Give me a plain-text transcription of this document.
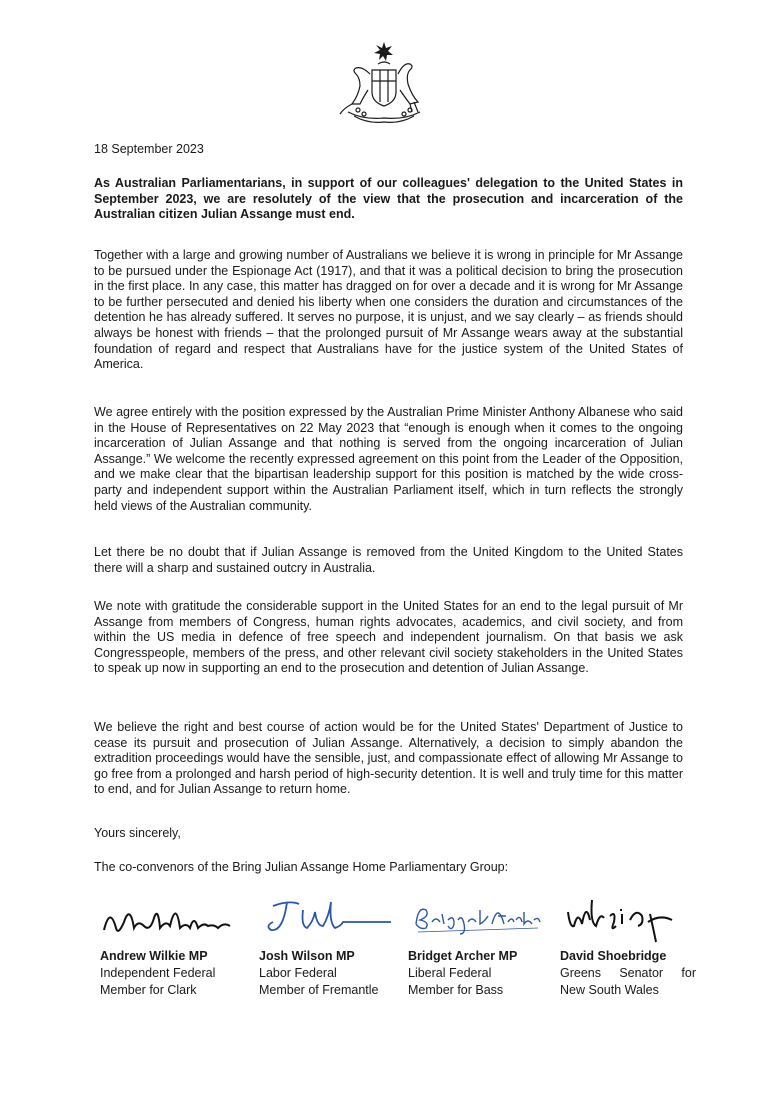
18 September 2023
As Australian Parliamentarians, in support of our colleagues' delegation to the United States in September 2023, we are resolutely of the view that the prosecution and incarceration of the Australian citizen Julian Assange must end.
Together with a large and growing number of Australians we believe it is wrong in principle for Mr Assange to be pursued under the Espionage Act (1917), and that it was a political decision to bring the prosecution in the first place. In any case, this matter has dragged on for over a decade and it is wrong for Mr Assange to be further persecuted and denied his liberty when one considers the duration and circumstances of the detention he has already suffered. It serves no purpose, it is unjust, and we say clearly – as friends should always be honest with friends – that the prolonged pursuit of Mr Assange wears away at the substantial foundation of regard and respect that Australians have for the justice system of the United States of America.
We agree entirely with the position expressed by the Australian Prime Minister Anthony Albanese who said in the House of Representatives on 22 May 2023 that “enough is enough when it comes to the ongoing incarceration of Julian Assange and that nothing is served from the ongoing incarceration of Julian Assange.” We welcome the recently expressed agreement on this point from the Leader of the Opposition, and we make clear that the bipartisan leadership support for this position is matched by the wide cross-party and independent support within the Australian Parliament itself, which in turn reflects the strongly held views of the Australian community.
Let there be no doubt that if Julian Assange is removed from the United Kingdom to the United States there will a sharp and sustained outcry in Australia.
We note with gratitude the considerable support in the United States for an end to the legal pursuit of Mr Assange from members of Congress, human rights advocates, academics, and civil society, and from within the US media in defence of free speech and independent journalism. On that basis we ask Congresspeople, members of the press, and other relevant civil society stakeholders in the United States to speak up now in supporting an end to the prosecution and detention of Julian Assange.
We believe the right and best course of action would be for the United States' Department of Justice to cease its pursuit and prosecution of Julian Assange. Alternatively, a decision to simply abandon the extradition proceedings would have the sensible, just, and compassionate effect of allowing Mr Assange to go free from a prolonged and harsh period of high-security detention. It is well and truly time for this matter to end, and for Julian Assange to return home.
Yours sincerely,
The co-convenors of the Bring Julian Assange Home Parliamentary Group:
Andrew Wilkie MP
Independent Federal
Member for Clark
Josh Wilson MP
Labor Federal
Member of Fremantle
Bridget Archer MP
Liberal Federal
Member for Bass
David Shoebridge
Greens Senator for
New South Wales
